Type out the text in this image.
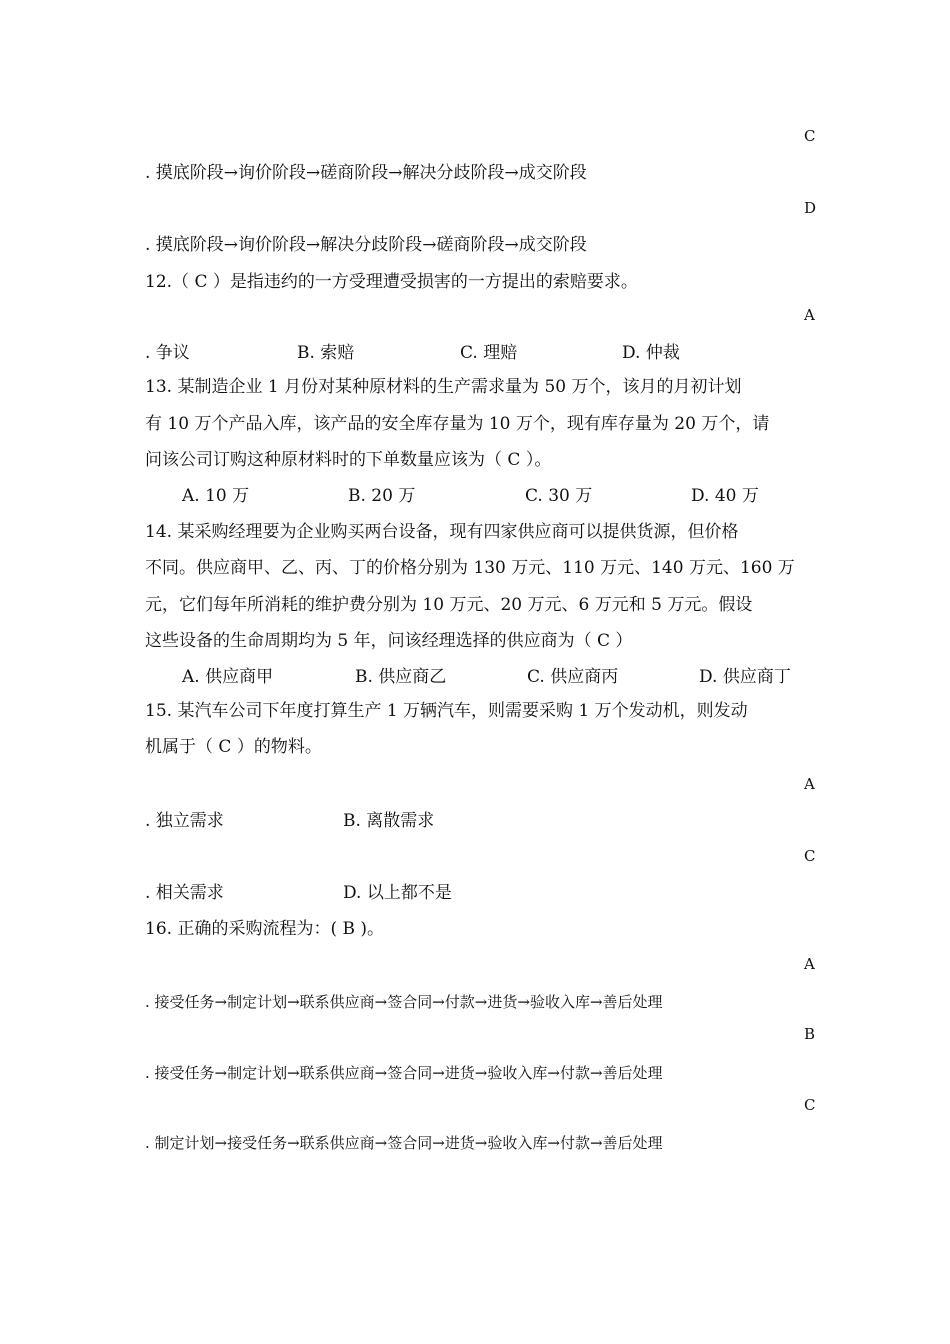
C
. 摸底阶段→询价阶段→磋商阶段→解决分歧阶段→成交阶段
D
. 摸底阶段→询价阶段→解决分歧阶段→磋商阶段→成交阶段
12.（ C ）是指违约的一方受理遭受损害的一方提出的索赔要求。
A
15. 某汽车公司下年度打算生产 1 万辆汽车，则需要采购 1 万个发动机，则发动
机属于（ C ）的物料。
A
C
16. 正确的采购流程为：( B )。
A
. 接受任务→制定计划→联系供应商→签合同→付款→进货→验收入库→善后处理
B
. 接受任务→制定计划→联系供应商→签合同→进货→验收入库→付款→善后处理
C
. 制定计划→接受任务→联系供应商→签合同→进货→验收入库→付款→善后处理
. 争议	B. 索赔	C. 理赔	D. 仲裁
13. 某制造企业 1 月份对某种原材料的生产需求量为 50 万个，该月的月初计划
有 10 万个产品入库，该产品的安全库存量为 10 万个，现有库存量为 20 万个，请
问该公司订购这种原材料时的下单数量应该为（ C ）。
A. 10 万	B. 20 万	C. 30 万	D. 40 万
14. 某采购经理要为企业购买两台设备，现有四家供应商可以提供货源，但价格
不同。供应商甲、乙、丙、丁的价格分别为 130 万元、110 万元、140 万元、160 万
元，它们每年所消耗的维护费分别为 10 万元、20 万元、6 万元和 5 万元。假设
这些设备的生命周期均为 5 年，问该经理选择的供应商为（ C ）
A. 供应商甲	B. 供应商乙	C. 供应商丙	D. 供应商丁
. 独立需求	B. 离散需求
. 相关需求	D. 以上都不是
